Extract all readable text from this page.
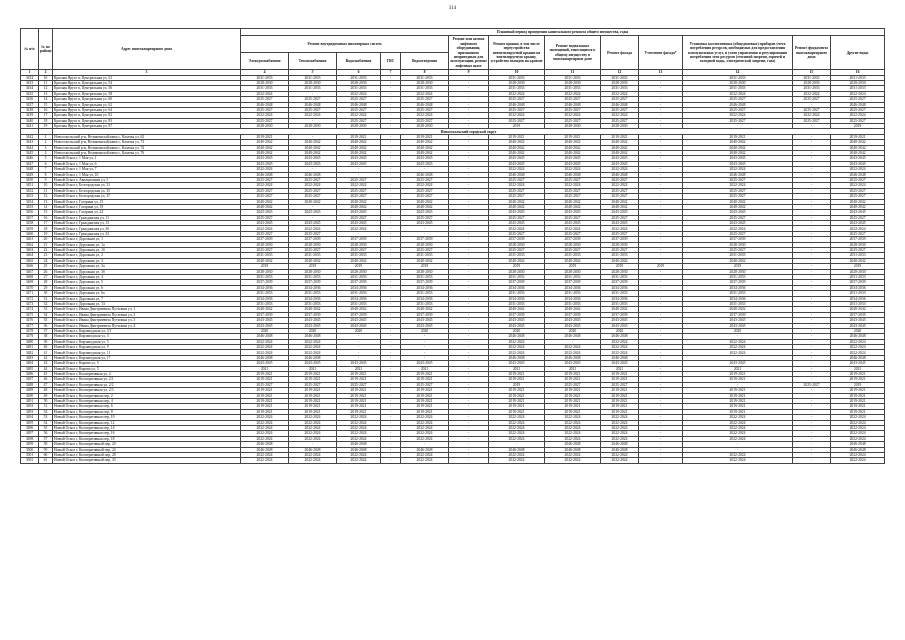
314
№ п/п	№ по району	Адрес многоквартирного дома	Плановый период проведения капитального ремонта общего имущества, годы												
			Ремонт внутридомовых инженерных систем					Ремонт или замена лифтового оборудования, признанного непригодным для эксплуатации, ремонт лифтовых шахт	Ремонт крыши, в том числе переустройство невентилируемой крыши на вентилируемую крышу, устройство выходов на кровлю	Ремонт подвальных помещений, относящихся к общему имуществу в многоквартирном доме	Ремонт фасада	Утепление фасада*	Установка коллективных (общедомовых) приборов учета потребления ресурсов, необходимых для предоставления коммунальных услуг, и узлов управления и регулирования потребления этих ресурсов (тепловой энергии, горячей и холодной воды, электрической энергии, газа)	Ремонт фундамента многоквартирного дома	Другие виды
			Электроснабжения	Теплоснабжения	Водоснабжения	ГВС	Водоотведения								
1	2	3	4	5	6	7	8	9	10	11	12	13	14	15	16
3432	10	Красная Яруга п, Центральная ул, 52	2031-2033	2031-2033	2031-2033	-	2031-2033	-	2031-2033	2031-2033	2031-2033	-	2031-2033	2031-2033	2031-2033
3433	11	Красная Яруга п, Центральная ул, 54	2028-2030	2028-2030	2028-2030	-	2028-2030	-	2028-2030	2028-2030	2028-2030	-	2028-2030	2028-2030	2028-2030
3434	12	Красная Яруга п, Центральная ул, 56	2031-2033	2031-2033	2031-2033	-	2031-2033	-	2031-2033	2031-2033	2031-2033	-	2031-2033	2031-2033	2031-2033
3435	13	Красная Яруга п, Центральная ул, 58	2022-2024	-	2022-2024	-	2022-2024	-	2022-2024	2022-2024	2022-2024	-	2022-2024	2022-2024	2022-2024
3436	14	Красная Яруга п, Центральная ул, 60	2025-2027	2025-2027	2025-2027	-	2025-2027	-	2025-2027	2025-2027	2025-2027	-	2025-2027	2025-2027	2025-2027
3437	15	Красная Яруга п, Центральная ул, 62	2046-2048	2046-2048	2046-2048	-	2046-2048	-	2046-2048	2046-2048	2046-2048	-	2046-2048	-	2046-2048
3438	16	Красная Яруга п, Центральная ул, 64	2025-2027	2025-2027	2025-2027	-	2025-2027	-	2025-2027	2025-2027	2025-2027	-	2025-2027	2025-2027	2025-2027
3439	17	Красная Яруга п, Центральная ул, 82	2022-2024	2022-2024	2022-2024	-	2022-2024	-	2022-2024	2022-2024	2022-2024	-	2022-2024	2022-2024	2022-2024
3440	18	Красная Яруга п, Центральная ул, 83	2025-2027	-	2025-2027	-	2025-2027	-	2025-2027	2025-2027	2025-2027	-	2025-2027	2025-2027	2025-2027
3441	19	Красная Яруга п, Центральная ул, 87	2028-2030	2028-2030	2028-2030	-	2028-2030	-	2019	2028-2030	2028-2030	-	-	-	2019
		Новооскольский городской округ													
3442	1	Новооскольский р-н, Великомихайловка с, Казачья ул, 62	2019-2021	-	2019-2021	-	2019-2021	-	2019-2021	2019-2021	2019-2021	-	2019-2021	-	2019-2021
3443	2	Новооскольский р-н, Великомихайловка с, Казачья ул, 73	2040-2042	2040-2042	2040-2042	-	2040-2042	-	2040-2042	2040-2042	2040-2042	-	2040-2042	-	2040-2042
3444	3	Новооскольский р-н, Великомихайловка с, Казачья ул, 74	2040-2042	2040-2042	2040-2042	-	2040-2042	-	2040-2042	2040-2042	2040-2042	-	2040-2042	-	2040-2042
3445	4	Новооскольский р-н, Великомихайловка с, Казачья ул, 76	2040-2042	2040-2042	2040-2042	-	2040-2042	-	2040-2042	2040-2042	2040-2042	-	2040-2042	-	2040-2042
3446	5	Новый Оскол г, 1 Мая ул, 1	2043-2045	2043-2045	2043-2045	-	2043-2045	-	2043-2045	2043-2045	2043-2045	-	2043-2045	-	2043-2045
3447	6	Новый Оскол г, 1 Мая ул, 6	2043-2045	2043-2045	2043-2045	-	2043-2045	-	2043-2045	2043-2045	2043-2045	-	2043-2045	-	2043-2045
3448	7	Новый Оскол г, 1 Мая ул, 7	2022-2024	-	-	-	-	-	2022-2024	2022-2024	2022-2024	-	2022-2024	-	2022-2024
3449	8	Новый Оскол г, 1 Мая ул, 10	2046-2048	2046-2048	-	-	2046-2048	-	2046-2048	2046-2048	2046-2048	-	2046-2048	-	2046-2048
3450	9	Новый Оскол г, Авиационная ул, 5	2025-2027	2025-2027	2025-2027	-	2025-2027	-	2025-2027	2025-2027	2025-2027	-	2025-2027	-	2025-2027
3451	10	Новый Оскол г, Белгородская ул, 31	2022-2024	2022-2024	2022-2024	-	2022-2024	-	2022-2024	2022-2024	2022-2024	-	2022-2024	-	2022-2024
3452	11	Новый Оскол г, Белгородская ул, 35	2025-2027	2025-2027	2025-2027	-	2025-2027	-	2025-2027	2025-2027	2025-2027	-	2025-2027	-	2025-2027
3453	12	Новый Оскол г, Белгородская ул, 37	2025-2027	2025-2027	2025-2027	-	2025-2027	-	2025-2027	2025-2027	2025-2027	-	2025-2027	-	2025-2027
3454	13	Новый Оскол г, Гагарина ул, 15	2040-2042	2040-2042	2040-2042	-	2040-2042	-	2040-2042	2040-2042	2040-2042	-	2040-2042	-	2040-2042
3455	14	Новый Оскол г, Гагарина ул, 19	2040-2042	-	2040-2042	-	2040-2042	-	2040-2042	2040-2042	2040-2042	-	2040-2042	-	2040-2042
3456	15	Новый Оскол г, Гагарина ул, 22	2043-2045	2043-2045	2043-2045	-	2043-2045	-	2043-2045	2043-2045	2043-2045	-	2043-2045	-	2043-2045
3457	16	Новый Оскол г, Гражданская ул, 11	2025-2027	-	2025-2027	-	2025-2027	-	2025-2027	2025-2027	2025-2027	-	2025-2027	-	2025-2027
3458	17	Новый Оскол г, Гражданская ул, 13	2043-2045	2043-2045	2043-2045	-	2043-2045	-	2043-2045	2043-2045	2043-2045	-	2043-2045	-	2043-2045
3459	18	Новый Оскол г, Гражданская ул, 30	2022-2024	2022-2024	2022-2024	-	-	-	2022-2024	2022-2024	2022-2024	-	2022-2024	-	2022-2024
3460	19	Новый Оскол г, Гражданская ул, 32	2025-2027	2025-2027	-	-	-	-	2025-2027	2025-2027	2025-2027	-	2025-2027	-	2025-2027
3461	20	Новый Оскол г, Дорожная ул, 1	2037-2039	2037-2039	2037-2039	-	2037-2039	-	2037-2039	2037-2039	2037-2039	-	2037-2039	-	2037-2039
3462	21	Новый Оскол г, Дорожная ул, 1а	2028-2030	2028-2030	2028-2030	-	2028-2030	-	2028-2030	2028-2030	2028-2030	-	2028-2030	-	2028-2030
3463	22	Новый Оскол г, Дорожная ул, 1б	2025-2027	2025-2027	2025-2027	-	2025-2027	-	2025-2027	2025-2027	2025-2027	-	2025-2027	-	2025-2027
3464	23	Новый Оскол г, Дорожная ул, 2	2031-2033	2031-2033	2031-2033	-	2031-2033	-	2031-2033	2031-2033	2031-2033	-	2031-2033	-	2031-2033
3465	24	Новый Оскол г, Дорожная ул, 3	2040-2042	2040-2042	2040-2042	-	2040-2042	-	2040-2042	2040-2042	2040-2042	-	2040-2042	-	2040-2042
3466	25	Новый Оскол г, Дорожная ул, 3а	2019	2019	2019	-	2019	-	2019	2019	2019	2019	2019	-	2019
3467	26	Новый Оскол г, Дорожная ул, 3б	2028-2030	2028-2030	2028-2030	-	2028-2030	-	2028-2030	2028-2030	2028-2030	-	2028-2030	-	2028-2030
3468	27	Новый Оскол г, Дорожная ул, 4	2031-2033	2031-2033	2031-2033	-	2031-2033	-	2031-2033	2031-2033	2031-2033	-	2031-2033	-	2031-2033
3469	28	Новый Оскол г, Дорожная ул, 5	2037-2039	2037-2039	2037-2039	-	2037-2039	-	2037-2039	2037-2039	2037-2039	-	2037-2039	-	2037-2039
3470	29	Новый Оскол г, Дорожная ул, 6	2034-2036	2034-2036	2034-2036	-	2034-2036	-	2034-2036	2034-2036	2034-2036	-	2034-2036	-	2034-2036
3471	30	Новый Оскол г, Дорожная ул, 6а	2031-2033	2031-2033	2031-2033	-	2031-2033	-	2031-2033	2031-2033	2031-2033	-	2031-2033	-	2031-2033
3472	31	Новый Оскол г, Дорожная ул, 7	2034-2036	2034-2036	2034-2036	-	2034-2036	-	2034-2036	2034-2036	2034-2036	-	2034-2036	-	2034-2036
3473	32	Новый Оскол г, Дорожная ул, 13	2031-2033	2031-2033	2031-2033	-	2031-2033	-	2031-2033	2031-2033	2031-2033	-	2031-2033	-	2031-2033
3474	33	Новый Оскол г, Ивана Дмитриевича Путилина ул, 1	2040-2042	2040-2042	2040-2042	-	2040-2042	-	2040-2042	2040-2042	2040-2042	-	2040-2042	-	2040-2042
3475	34	Новый Оскол г, Ивана Дмитриевича Путилина ул, 2	2037-2039	2037-2039	2037-2039	-	2037-2039	-	2037-2039	2037-2039	2037-2039	-	2037-2039	-	2037-2039
3476	35	Новый Оскол г, Ивана Дмитриевича Путилина ул, 3	2043-2045	2043-2045	2043-2045	-	2043-2045	-	2043-2045	2043-2045	2043-2045	-	2043-2045	-	2043-2045
3477	36	Новый Оскол г, Ивана Дмитриевича Путилина ул, 4	2043-2045	2043-2045	2043-2045	-	2043-2045	-	2043-2045	2043-2045	2043-2045	-	2043-2045	-	2043-2045
3478	37	Новый Оскол г, Кирзаводская ул, 3/1	2020	2020	2020	-	2020	-	2020	2020	2020	-	2020	-	2020
3479	38	Новый Оскол г, Кирзаводская ул, 3	2046-2048	2046-2048	-	-	-	-	2046-2048	2046-2048	2046-2048	-	-	-	2046-2048
3480	39	Новый Оскол г, Кирзаводская ул, 5	2022-2024	2022-2024	-	-	-	-	2022-2024	-	2022-2024	-	2022-2024	-	2022-2024
3481	40	Новый Оскол г, Кирзаводская ул, 9	2022-2024	2022-2024	-	-	-	-	2022-2024	2022-2024	2022-2024	-	2022-2024	-	2022-2024
3482	41	Новый Оскол г, Кирзаводская ул, 11	2022-2024	2022-2024	-	-	-	-	2022-2024	2022-2024	2022-2024	-	2022-2024	-	2022-2024
3483	42	Новый Оскол г, Кирзаводская ул, 17	2046-2048	2046-2048	-	-	-	-	2046-2048	2046-2048	2046-2048	-	-	-	2046-2048
3484	43	Новый Оскол г, Кирова ул, 3	2043-2045	2043-2045	2043-2045	-	2043-2045	-	2043-2045	2043-2045	2043-2045	-	2043-2045	-	2043-2045
3485	44	Новый Оскол г, Кирова ул, 5	2021	2021	2021	-	2021	-	2021	2021	2021	-	2021	-	2021
3486	45	Новый Оскол г, Кооперативная ул, 2	2019-2021	2019-2021	2019-2021	-	2019-2021	-	2019-2021	2019-2021	2019-2021	-	2019-2021	-	2019-2021
3487	46	Новый Оскол г, Кооперативная ул, 2/1	2019-2021	2019-2021	2019-2021	-	2019-2021	-	2019-2021	2019-2021	2019-2021	-	2019-2021	-	2019-2021
3488	47	Новый Оскол г, Кооперативная ул, 2/2	2025-2027	2025-2027	2025-2027	-	2025-2027	-	2019	2025-2027	2025-2027	-	-	2025-2027	2019
3489	48	Новый Оскол г, Кооперативная ул, 2/3	2019-2021	2019-2021	2019-2021	-	2019-2021	-	2019-2021	2019-2021	2019-2021	-	2019-2021	-	2019-2021
3490	49	Новый Оскол г, Кооперативная пер, 2	2019-2021	2019-2021	2019-2021	-	2019-2021	-	2019-2021	2019-2021	2019-2021	-	2019-2021	-	2019-2021
3491	50	Новый Оскол г, Кооперативная пер, 4	2019-2021	2019-2021	2019-2021	-	2019-2021	-	2019-2021	2019-2021	2019-2021	-	2019-2021	-	2019-2021
3492	51	Новый Оскол г, Кооперативная пер, 6	2019-2021	2019-2021	2019-2021	-	2019-2021	-	2019-2021	2019-2021	2019-2021	-	2019-2021	-	2019-2021
3493	52	Новый Оскол г, Кооперативная пер, 8	2019-2021	2019-2021	2019-2021	-	2019-2021	-	2019-2021	2019-2021	2019-2021	-	2019-2021	-	2019-2021
3494	53	Новый Оскол г, Кооперативная пер, 10	2022-2024	2022-2024	2022-2024	-	2022-2024	-	2022-2024	2022-2024	2022-2024	-	2022-2024	-	2022-2024
3495	54	Новый Оскол г, Кооперативная пер, 12	2022-2024	2022-2024	2022-2024	-	2022-2024	-	2022-2024	2022-2024	2022-2024	-	2022-2024	-	2022-2024
3496	55	Новый Оскол г, Кооперативная пер, 14	2022-2024	2022-2024	2022-2024	-	2022-2024	-	2022-2024	2022-2024	2022-2024	-	2022-2024	-	2022-2024
3497	56	Новый Оскол г, Кооперативная пер, 16	2022-2024	2022-2024	2022-2024	-	2022-2024	-	2022-2024	2022-2024	2022-2024	-	2022-2024	-	2022-2024
3498	57	Новый Оскол г, Кооперативная пер, 18	2022-2024	2022-2024	2022-2024	-	2022-2024	-	2022-2024	2022-2024	2022-2024	-	2022-2024	-	2022-2024
3499	58	Новый Оскол г, Кооперативный пер, 20	2046-2048	-	2046-2048	-	-	-	-	2046-2048	2046-2048	-	-	-	2046-2048
3500	59	Новый Оскол г, Кооперативный пер, 24	2046-2048	2046-2048	2046-2048	-	2046-2048	-	2046-2048	2046-2048	2046-2048	-	-	-	2046-2048
3501	60	Новый Оскол г, Кооперативный пер, 28	2022-2024	2022-2024	2022-2024	-	2022-2024	-	2022-2024	2022-2024	2022-2024	-	2022-2024	-	2022-2024
3502	61	Новый Оскол г, Кооперативный пер, 33	2022-2024	2022-2024	2022-2024	-	2022-2024	-	2022-2024	2022-2024	2022-2024	-	2022-2024	-	2022-2024
